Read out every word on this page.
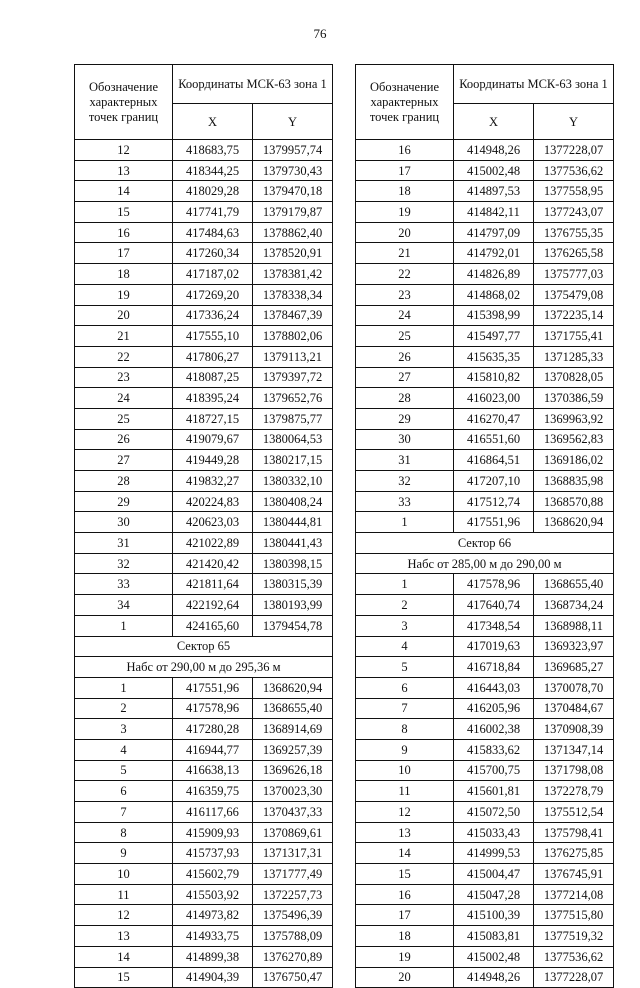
76
Обозначение характерных точек границ	Координаты МСК-63 зона 1	
	X	Y
12	418683,75	1379957,74
13	418344,25	1379730,43
14	418029,28	1379470,18
15	417741,79	1379179,87
16	417484,63	1378862,40
17	417260,34	1378520,91
18	417187,02	1378381,42
19	417269,20	1378338,34
20	417336,24	1378467,39
21	417555,10	1378802,06
22	417806,27	1379113,21
23	418087,25	1379397,72
24	418395,24	1379652,76
25	418727,15	1379875,77
26	419079,67	1380064,53
27	419449,28	1380217,15
28	419832,27	1380332,10
29	420224,83	1380408,24
30	420623,03	1380444,81
31	421022,89	1380441,43
32	421420,42	1380398,15
33	421811,64	1380315,39
34	422192,64	1380193,99
1	424165,60	1379454,78
Сектор 65		
Набс от 290,00 м до 295,36 м		
1	417551,96	1368620,94
2	417578,96	1368655,40
3	417280,28	1368914,69
4	416944,77	1369257,39
5	416638,13	1369626,18
6	416359,75	1370023,30
7	416117,66	1370437,33
8	415909,93	1370869,61
9	415737,93	1371317,31
10	415602,79	1371777,49
11	415503,92	1372257,73
12	414973,82	1375496,39
13	414933,75	1375788,09
14	414899,38	1376270,89
15	414904,39	1376750,47
Обозначение характерных точек границ	Координаты МСК-63 зона 1	
	X	Y
16	414948,26	1377228,07
17	415002,48	1377536,62
18	414897,53	1377558,95
19	414842,11	1377243,07
20	414797,09	1376755,35
21	414792,01	1376265,58
22	414826,89	1375777,03
23	414868,02	1375479,08
24	415398,99	1372235,14
25	415497,77	1371755,41
26	415635,35	1371285,33
27	415810,82	1370828,05
28	416023,00	1370386,59
29	416270,47	1369963,92
30	416551,60	1369562,83
31	416864,51	1369186,02
32	417207,10	1368835,98
33	417512,74	1368570,88
1	417551,96	1368620,94
Сектор 66		
Набс от 285,00 м до 290,00 м		
1	417578,96	1368655,40
2	417640,74	1368734,24
3	417348,54	1368988,11
4	417019,63	1369323,97
5	416718,84	1369685,27
6	416443,03	1370078,70
7	416205,96	1370484,67
8	416002,38	1370908,39
9	415833,62	1371347,14
10	415700,75	1371798,08
11	415601,81	1372278,79
12	415072,50	1375512,54
13	415033,43	1375798,41
14	414999,53	1376275,85
15	415004,47	1376745,91
16	415047,28	1377214,08
17	415100,39	1377515,80
18	415083,81	1377519,32
19	415002,48	1377536,62
20	414948,26	1377228,07
